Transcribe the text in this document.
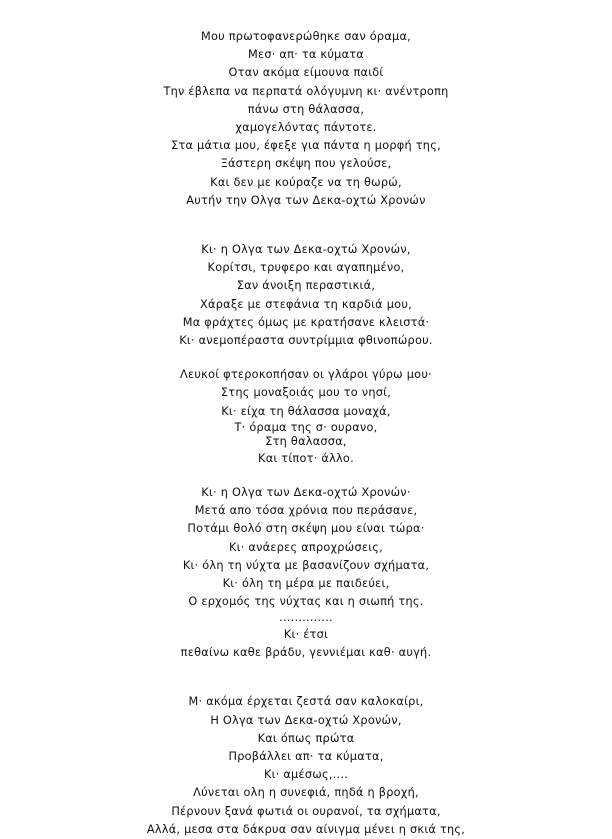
Μου πρωτοφανερώθηκε σαν όραμα,
Μεσ· απ· τα κύματα
Οταν ακόμα είμουνα παιδί
Την έβλεπα να περπατά ολόγυμνη κι· ανέντροπη
πάνω στη θάλασσα,
χαμογελόντας πάντοτε.
Στα μάτια μου, έφεξε για πάντα η μορφή της,
Ξάστερη σκέψη που γελούσε,
Και δεν με κούραζε να τη θωρώ,
Αυτήν την Ολγα των Δεκα-οχτώ Χρονών
Κι· η Ολγα των Δεκα-οχτώ Χρονών,
Κορίτσι, τρυφερο και αγαπημένο,
Σαν άνοιξη περαστικιά,
Χάραξε με στεφάνια τη καρδιά μου,
Μα φράχτες όμως με κρατήσανε κλειστά·
Κι· ανεμοπέραστα συντρίμμια φθινοπώρου.
Λευκοί φτεροκοπήσαν οι γλάροι γύρω μου·
Στης μοναξοιάς μου το νησί,
Κι· είχα τη θάλασσα μοναχά,
Τ· όραμα της σ· ουρανο,
Στη θαλασσα,
Και τίποτ· άλλο.
Κι· η Ολγα των Δεκα-οχτώ Χρονών·
Μετά απο τόσα χρόνια που περάσανε,
Ποτάμι θολό στη σκέψη μου είναι τώρα·
Κι· ανάερες απροχρώσεις,
Κι· όλη τη νύχτα με βασανίζουν σχήματα,
Κι· όλη τη μέρα με παιδεύει,
Ο ερχομός της νύχτας και η σιωπή της.
..............
Κι· έτσι
πεθαίνω καθε βράδυ, γεννιέμαι καθ· αυγή.
Μ· ακόμα έρχεται ζεστά σαν καλοκαίρι,
Η Ολγα των Δεκα-οχτώ Χρονών,
Και όπως πρώτα
Προβάλλει απ· τα κύματα,
Κι· αμέσως,....
Λύνεται ολη η συνεφιά, πηδά η βροχή,
Πέρνουν ξανά φωτιά οι ουρανοί, τα σχήματα,
Αλλά, μεσα στα δάκρυα σαν αίνιγμα μένει η σκιά της,
